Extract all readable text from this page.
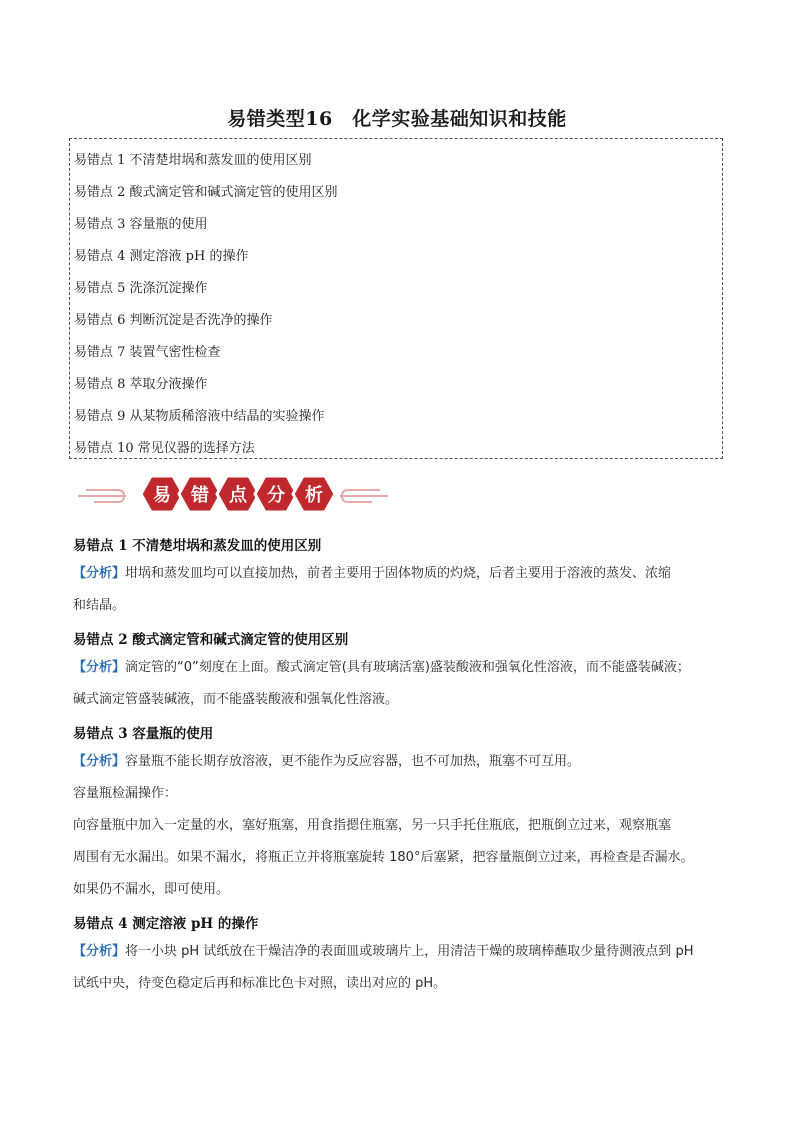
易错类型16　化学实验基础知识和技能
易错点 1 不清楚坩埚和蒸发皿的使用区别
易错点 2 酸式滴定管和碱式滴定管的使用区别
易错点 3 容量瓶的使用
易错点 4 测定溶液 pH 的操作
易错点 5 洗涤沉淀操作
易错点 6 判断沉淀是否洗净的操作
易错点 7 装置气密性检查
易错点 8 萃取分液操作
易错点 9 从某物质稀溶液中结晶的实验操作
易错点 10 常见仪器的选择方法
易 错 点 分 析
易错点 1 不清楚坩埚和蒸发皿的使用区别
【分析】坩埚和蒸发皿均可以直接加热，前者主要用于固体物质的灼烧，后者主要用于溶液的蒸发、浓缩
和结晶。
易错点 2 酸式滴定管和碱式滴定管的使用区别
【分析】滴定管的“0”刻度在上面。酸式滴定管(具有玻璃活塞)盛装酸液和强氧化性溶液，而不能盛装碱液；
碱式滴定管盛装碱液，而不能盛装酸液和强氧化性溶液。
易错点 3 容量瓶的使用
【分析】容量瓶不能长期存放溶液，更不能作为反应容器，也不可加热，瓶塞不可互用。
容量瓶检漏操作：
向容量瓶中加入一定量的水，塞好瓶塞，用食指摁住瓶塞，另一只手托住瓶底，把瓶倒立过来，观察瓶塞
周围有无水漏出。如果不漏水，将瓶正立并将瓶塞旋转 180°后塞紧，把容量瓶倒立过来，再检查是否漏水。
如果仍不漏水，即可使用。
易错点 4 测定溶液 pH 的操作
【分析】将一小块 pH 试纸放在干燥洁净的表面皿或玻璃片上，用清洁干燥的玻璃棒蘸取少量待测液点到 pH
试纸中央，待变色稳定后再和标准比色卡对照，读出对应的 pH。
